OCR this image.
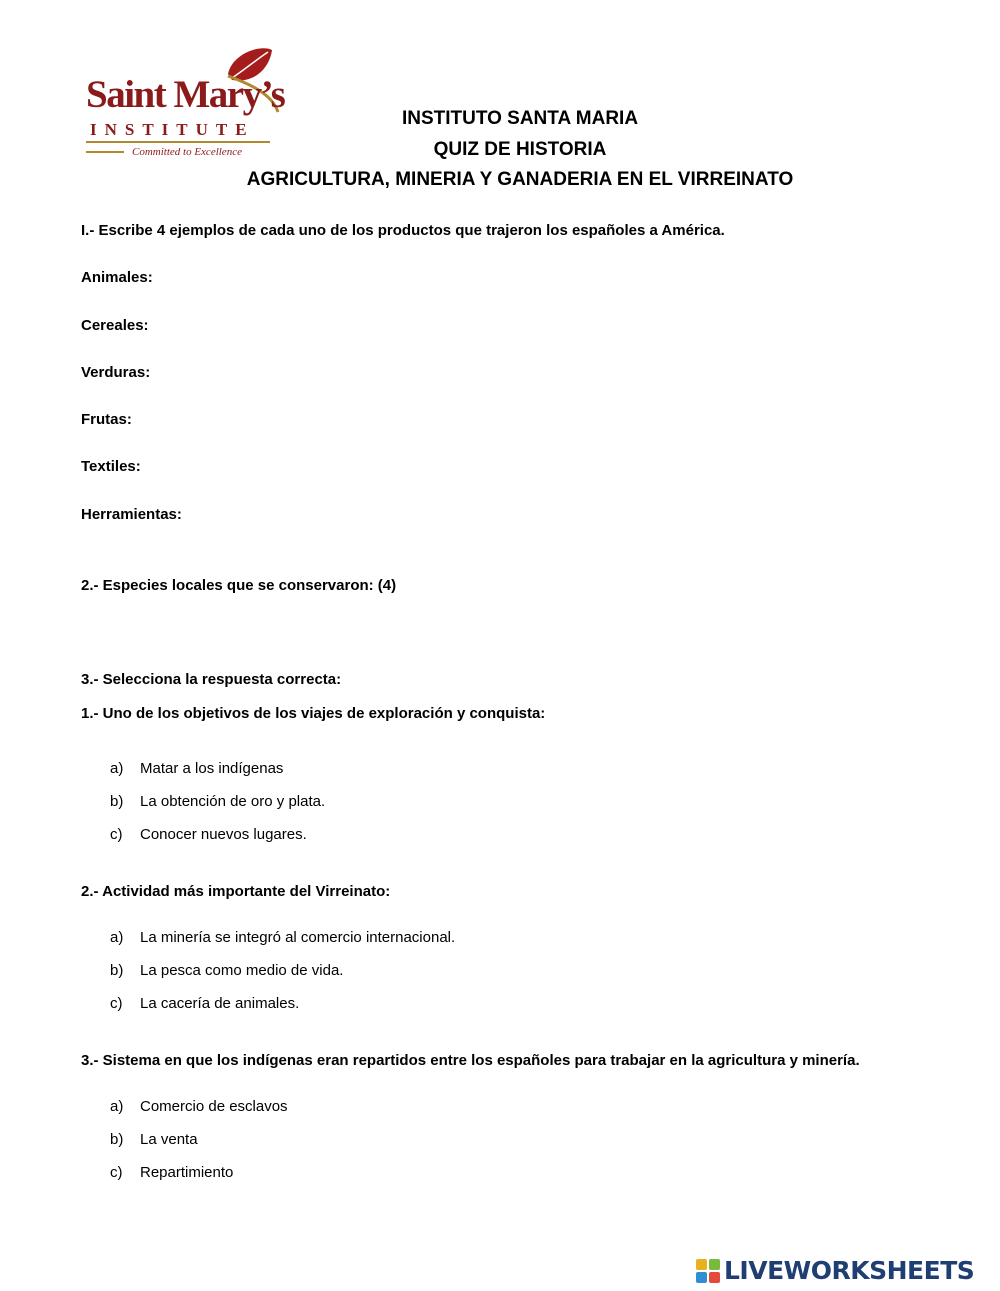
Saint Mary’s
INSTITUTE
Committed to Excellence
INSTITUTO SANTA MARIA
QUIZ DE HISTORIA
AGRICULTURA, MINERIA Y GANADERIA EN EL VIRREINATO
I.- Escribe 4 ejemplos de cada uno de los productos que trajeron los españoles a América.
Animales:
Cereales:
Verduras:
Frutas:
Textiles:
Herramientas:
2.- Especies locales que se conservaron: (4)
3.- Selecciona la respuesta correcta:
1.- Uno de los objetivos de los viajes de exploración y conquista:
a) Matar a los indígenas
b) La obtención de oro y plata.
c) Conocer nuevos lugares.
2.- Actividad más importante del Virreinato:
a) La minería se integró al comercio internacional.
b) La pesca como medio de vida.
c) La cacería de animales.
3.- Sistema en que los indígenas eran repartidos entre los españoles para trabajar en la agricultura y minería.
a) Comercio de esclavos
b) La venta
c) Repartimiento
LIVEWORKSHEETS
